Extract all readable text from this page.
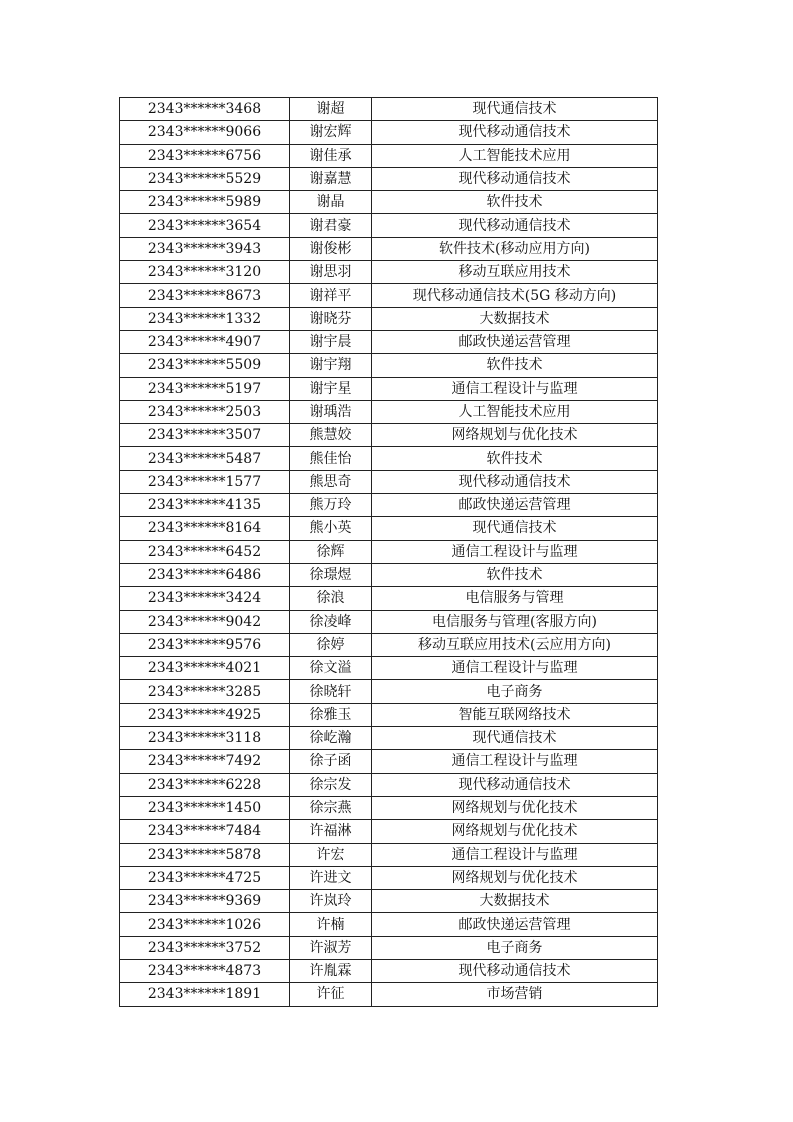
2343******3468	谢超	现代通信技术
2343******9066	谢宏辉	现代移动通信技术
2343******6756	谢佳承	人工智能技术应用
2343******5529	谢嘉慧	现代移动通信技术
2343******5989	谢晶	软件技术
2343******3654	谢君豪	现代移动通信技术
2343******3943	谢俊彬	软件技术(移动应用方向)
2343******3120	谢思羽	移动互联应用技术
2343******8673	谢祥平	现代移动通信技术(5G 移动方向)
2343******1332	谢晓芬	大数据技术
2343******4907	谢宇晨	邮政快递运营管理
2343******5509	谢宇翔	软件技术
2343******5197	谢宇星	通信工程设计与监理
2343******2503	谢瑀浩	人工智能技术应用
2343******3507	熊慧姣	网络规划与优化技术
2343******5487	熊佳怡	软件技术
2343******1577	熊思奇	现代移动通信技术
2343******4135	熊万玲	邮政快递运营管理
2343******8164	熊小英	现代通信技术
2343******6452	徐辉	通信工程设计与监理
2343******6486	徐璟煜	软件技术
2343******3424	徐浪	电信服务与管理
2343******9042	徐凌峰	电信服务与管理(客服方向)
2343******9576	徐婷	移动互联应用技术(云应用方向)
2343******4021	徐文溢	通信工程设计与监理
2343******3285	徐晓轩	电子商务
2343******4925	徐雅玉	智能互联网络技术
2343******3118	徐屹瀚	现代通信技术
2343******7492	徐子函	通信工程设计与监理
2343******6228	徐宗发	现代移动通信技术
2343******1450	徐宗燕	网络规划与优化技术
2343******7484	许福淋	网络规划与优化技术
2343******5878	许宏	通信工程设计与监理
2343******4725	许进文	网络规划与优化技术
2343******9369	许岚玲	大数据技术
2343******1026	许楠	邮政快递运营管理
2343******3752	许淑芳	电子商务
2343******4873	许胤霖	现代移动通信技术
2343******1891	许征	市场营销
